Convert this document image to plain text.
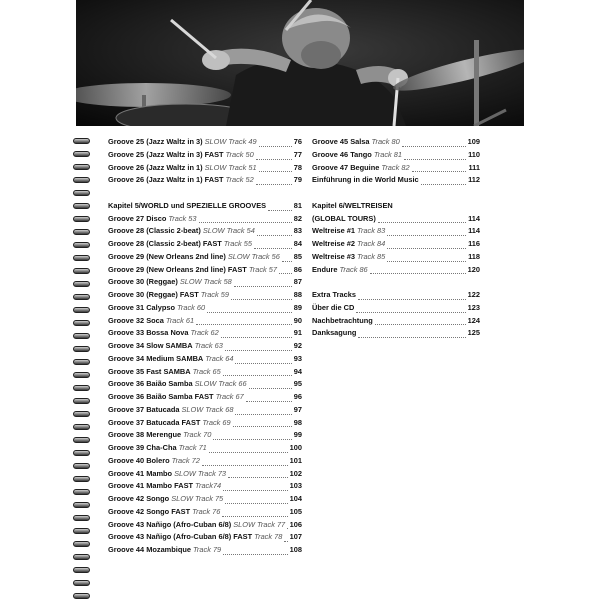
Groove 25 (Jazz Waltz in 3) SLOW Track 49	76
Groove 25 (Jazz Waltz in 3) FAST Track 50	77
Groove 26 (Jazz Waltz in 1) SLOW Track 51	78
Groove 26 (Jazz Waltz in 1) FAST Track 52	79
Kapitel 5/WORLD und SPEZIELLE GROOVES	81
Groove 27 Disco Track 53	82
Groove 28 (Classic 2-beat) SLOW Track 54	83
Groove 28 (Classic 2-beat) FAST Track 55	84
Groove 29 (New Orleans 2nd line) SLOW Track 56 85
Groove 29 (New Orleans 2nd line) FAST Track 57 86
Groove 30 (Reggae) SLOW Track 58	87
Groove 30 (Reggae) FAST Track 59	88
Groove 31 Calypso Track 60	89
Groove 32 Soca Track 61	90
Groove 33 Bossa Nova Track 62	91
Groove 34 Slow SAMBA Track 63	92
Groove 34 Medium SAMBA Track 64	93
Groove 35 Fast SAMBA Track 65	94
Groove 36 Baião Samba SLOW Track 66	95
Groove 36 Baião Samba FAST Track 67	96
Groove 37 Batucada SLOW Track 68	97
Groove 37 Batucada FAST Track 69	98
Groove 38 Merengue Track 70	99
Groove 39 Cha-Cha Track 71	100
Groove 40 Bolero Track 72	101
Groove 41 Mambo SLOW Track 73	102
Groove 41 Mambo FAST Track74	103
Groove 42 Songo SLOW Track 75	104
Groove 42 Songo FAST Track 76	105
Groove 43 Nañigo (Afro-Cuban 6/8) SLOW Track 77 106
Groove 43 Nañigo (Afro-Cuban 6/8) FAST Track 78 107
Groove 44 Mozambique Track 79	108
Groove 45 Salsa Track 80	109
Groove 46 Tango Track 81	110
Groove 47 Beguine Track 82	111
Einführung in die World Music	112
Kapitel 6/WELTREISEN
(GLOBAL TOURS)	114
Weltreise #1 Track 83	114
Weltreise #2 Track 84	116
Weltreise #3 Track 85	118
Endure Track 86	120
Extra Tracks	122
Über die CD	123
Nachbetrachtung	124
Danksagung	125
